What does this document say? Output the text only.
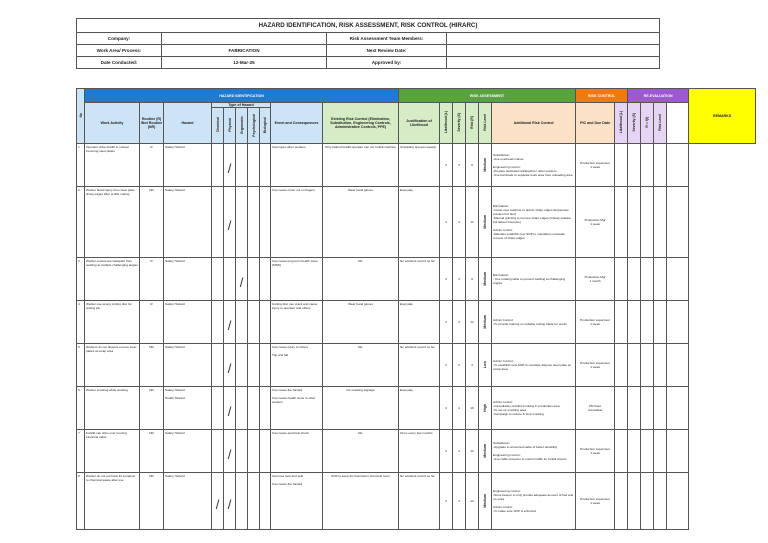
HAZARD IDENTIFICATION, RISK ASSESSMENT, RISK CONTROL (HIRARC)			
Company:		Risk Assessment Team Members:	
Work Area/ Process:	FABRICATION		
		Next Review Date:	
Date Conducted:	12-Mar-25	Approved by:	
No	HAZARD IDENTIFICATION										RISK ASSESSMENT						RISK CONTROL		RE-EVALUATION				REMARKS
	Work Activity	Routine (R) /Not Routine (NR)	Hazard	Type of Hazard					Event and Consequences	Existing Risk Control (Elimination, Substitution, Engineering Controls, Administrative Controls, PPE)	Justification of Likelihood	Likelihood (L)	Severity (S)	Risk (R)	Risk Level	Additional Risk Control	PIC and Due Date	Likelihood (L)	Severity (S)	R = f(I)	Risk Level		
				Chemical	Physical	Ergonomic	Psychological	Biological															
1	Operator drive forklift to unload incoming steel plates	R	Safety Hazard		/				Can injure other workers	Only trained forklift operator can run forklift machine	Unloading process weekly	3	3	9	Medium	Substitution:
-Use overhead cranes

Engineering control:
-Prepare dedicated walkpath for other workers
-Use barricade to separate work area from unloading area	Production supervisor
1 week						
2	Worker faced injury from steel plate sharp edges after profile cutting	NR	Safety Hazard		/				Can cause minor cut on fingers	Wear hand gloves	Everyday	4	3	12	Medium	Elimination:
-Invest new machine to deburr sharp edges (Expensive solution but fast)
-Manual grinding to remove sharp edges (Cheap solution but labour intensive)

Admin control:
-Maintain establish new SOP to mandatory manually remove of sharp edges	Production Mgr
1 week						
3	Welder experience backpain from welding at multiple challenging angles	R	Safety Hazard			/			Can cause long term health issue (MSD)	NIL	No accident record so far	3	3	9	Medium	Elimination:
- Use rotating table to prevent welding at challenging angles	Production Mgr
1 month						
4	Welder use wrong cutting disc for cutting job	R	Safety Hazard		/				Cutting disc can crack and cause injury to operator and others	Wear hand gloves	Everyday	4	3	12	Medium	Admin Control:
-To provide training on suitable cutting blade for works	Production supervisor
1 week						
5	Workers do not dispose excess steel plates at scrap area	NR	Safety Hazard		/				Can cause injury to others

Trip and fall	NIL	No accident record so far	2	2	4	Low	Admin Control:
-To establish new SOP to mandate dispose steel plate at scrap area	Production supervisor
1 week						
6	Worker smoking while working	NR	Safety Hazard

Health Hazard		/				Can cause fire hazard

Can cause health issue to other workers	No smoking signage	Everyday	4	4	16	High	Admin control:
-Immediately prohibit smoking in production area
-To set up smoking area
-Campaign to reduce & stop smoking	HR Dept
Immediate						
7	Forklift can drive over running electrical cable	NR	Safety Hazard		/				Can cause electrical shock	NIL	Once every few months	3	4	12	Medium	Substitution:
-Upgrade to armoured cable of better durability

Engineering control:
-Use cable protector to control traffic for forklift drivers	Production supervisor
1 week						
8	Worker do not put back lid container to chemical waste after use	NR	Safety Hazard	/	/				Can lose look and spill

Can cause fire hazard	SOP to keep all chemical in chemical room	No accident record so far	3	4	12	Medium	Engineering control:
-Store beeper to only provide adequate amount of fuel and no extra

Admin control:
-To make sure SOP is enforced	Production supervisor
1 week						
